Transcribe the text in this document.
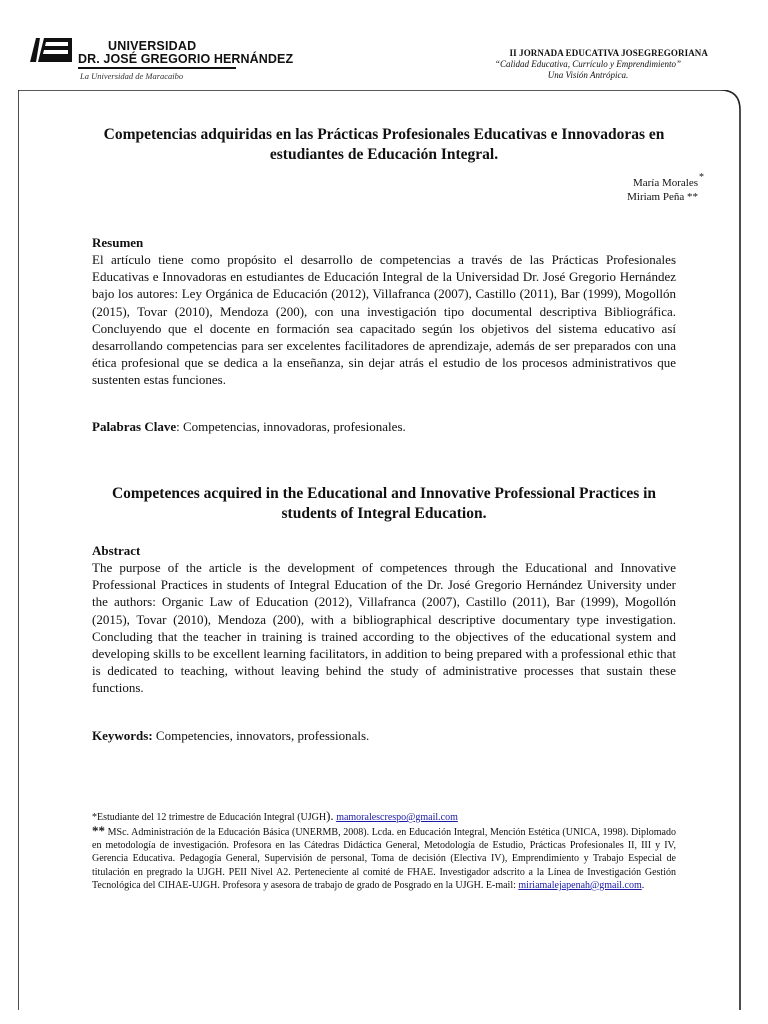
UNIVERSIDAD
DR. JOSÉ GREGORIO HERNÁNDEZ
La Universidad de Maracaibo
II JORNADA EDUCATIVA JOSEGREGORIANA
“Calidad Educativa, Currículo y Emprendimiento”
Una Visión Antrópica.
Competencias adquiridas en las Prácticas Profesionales Educativas e Innovadoras en estudiantes de Educación Integral.
*
María Morales
Miriam Peña **
Resumen
El artículo tiene como propósito el desarrollo de competencias a través de las Prácticas Profesionales Educativas e Innovadoras en estudiantes de Educación Integral de la Universidad Dr. José Gregorio Hernández bajo los autores: Ley Orgánica de Educación (2012), Villafranca (2007), Castillo (2011), Bar (1999), Mogollón (2015), Tovar (2010), Mendoza (200), con una investigación tipo documental descriptiva Bibliográfica. Concluyendo que el docente en formación sea capacitado según los objetivos del sistema educativo así desarrollando competencias para ser excelentes facilitadores de aprendizaje, además de ser preparados con una ética profesional que se dedica a la enseñanza, sin dejar atrás el estudio de los procesos administrativos que sustenten estas funciones.
Palabras Clave: Competencias, innovadoras, profesionales.
Competences acquired in the Educational and Innovative Professional Practices in students of Integral Education.
Abstract
The purpose of the article is the development of competences through the Educational and Innovative Professional Practices in students of Integral Education of the Dr. José Gregorio Hernández University under the authors: Organic Law of Education (2012), Villafranca (2007), Castillo (2011), Bar (1999), Mogollón (2015), Tovar (2010), Mendoza (200), with a bibliographical descriptive documentary type investigation. Concluding that the teacher in training is trained according to the objectives of the educational system and developing skills to be excellent learning facilitators, in addition to being prepared with a professional ethic that is dedicated to teaching, without leaving behind the study of administrative processes that sustain these functions.
Keywords: Competencies, innovators, professionals.
*Estudiante del 12 trimestre de Educación Integral (UJGH). mamoralescrespo@gmail.com
** MSc. Administración de la Educación Básica (UNERMB, 2008). Lcda. en Educación Integral, Mención Estética (UNICA, 1998). Diplomado en metodología de investigación. Profesora en las Cátedras Didáctica General, Metodología de Estudio, Prácticas Profesionales II, III y IV, Gerencia Educativa. Pedagogía General, Supervisión de personal, Toma de decisión (Electiva IV), Emprendimiento y Trabajo Especial de titulación en pregrado la UJGH. PEII Nivel A2. Perteneciente al comité de FHAE. Investigador adscrito a la Línea de Investigación Gestión Tecnológica del CIHAE-UJGH. Profesora y asesora de trabajo de grado de Posgrado en la UJGH. E-mail: miriamalejapenah@gmail.com.
